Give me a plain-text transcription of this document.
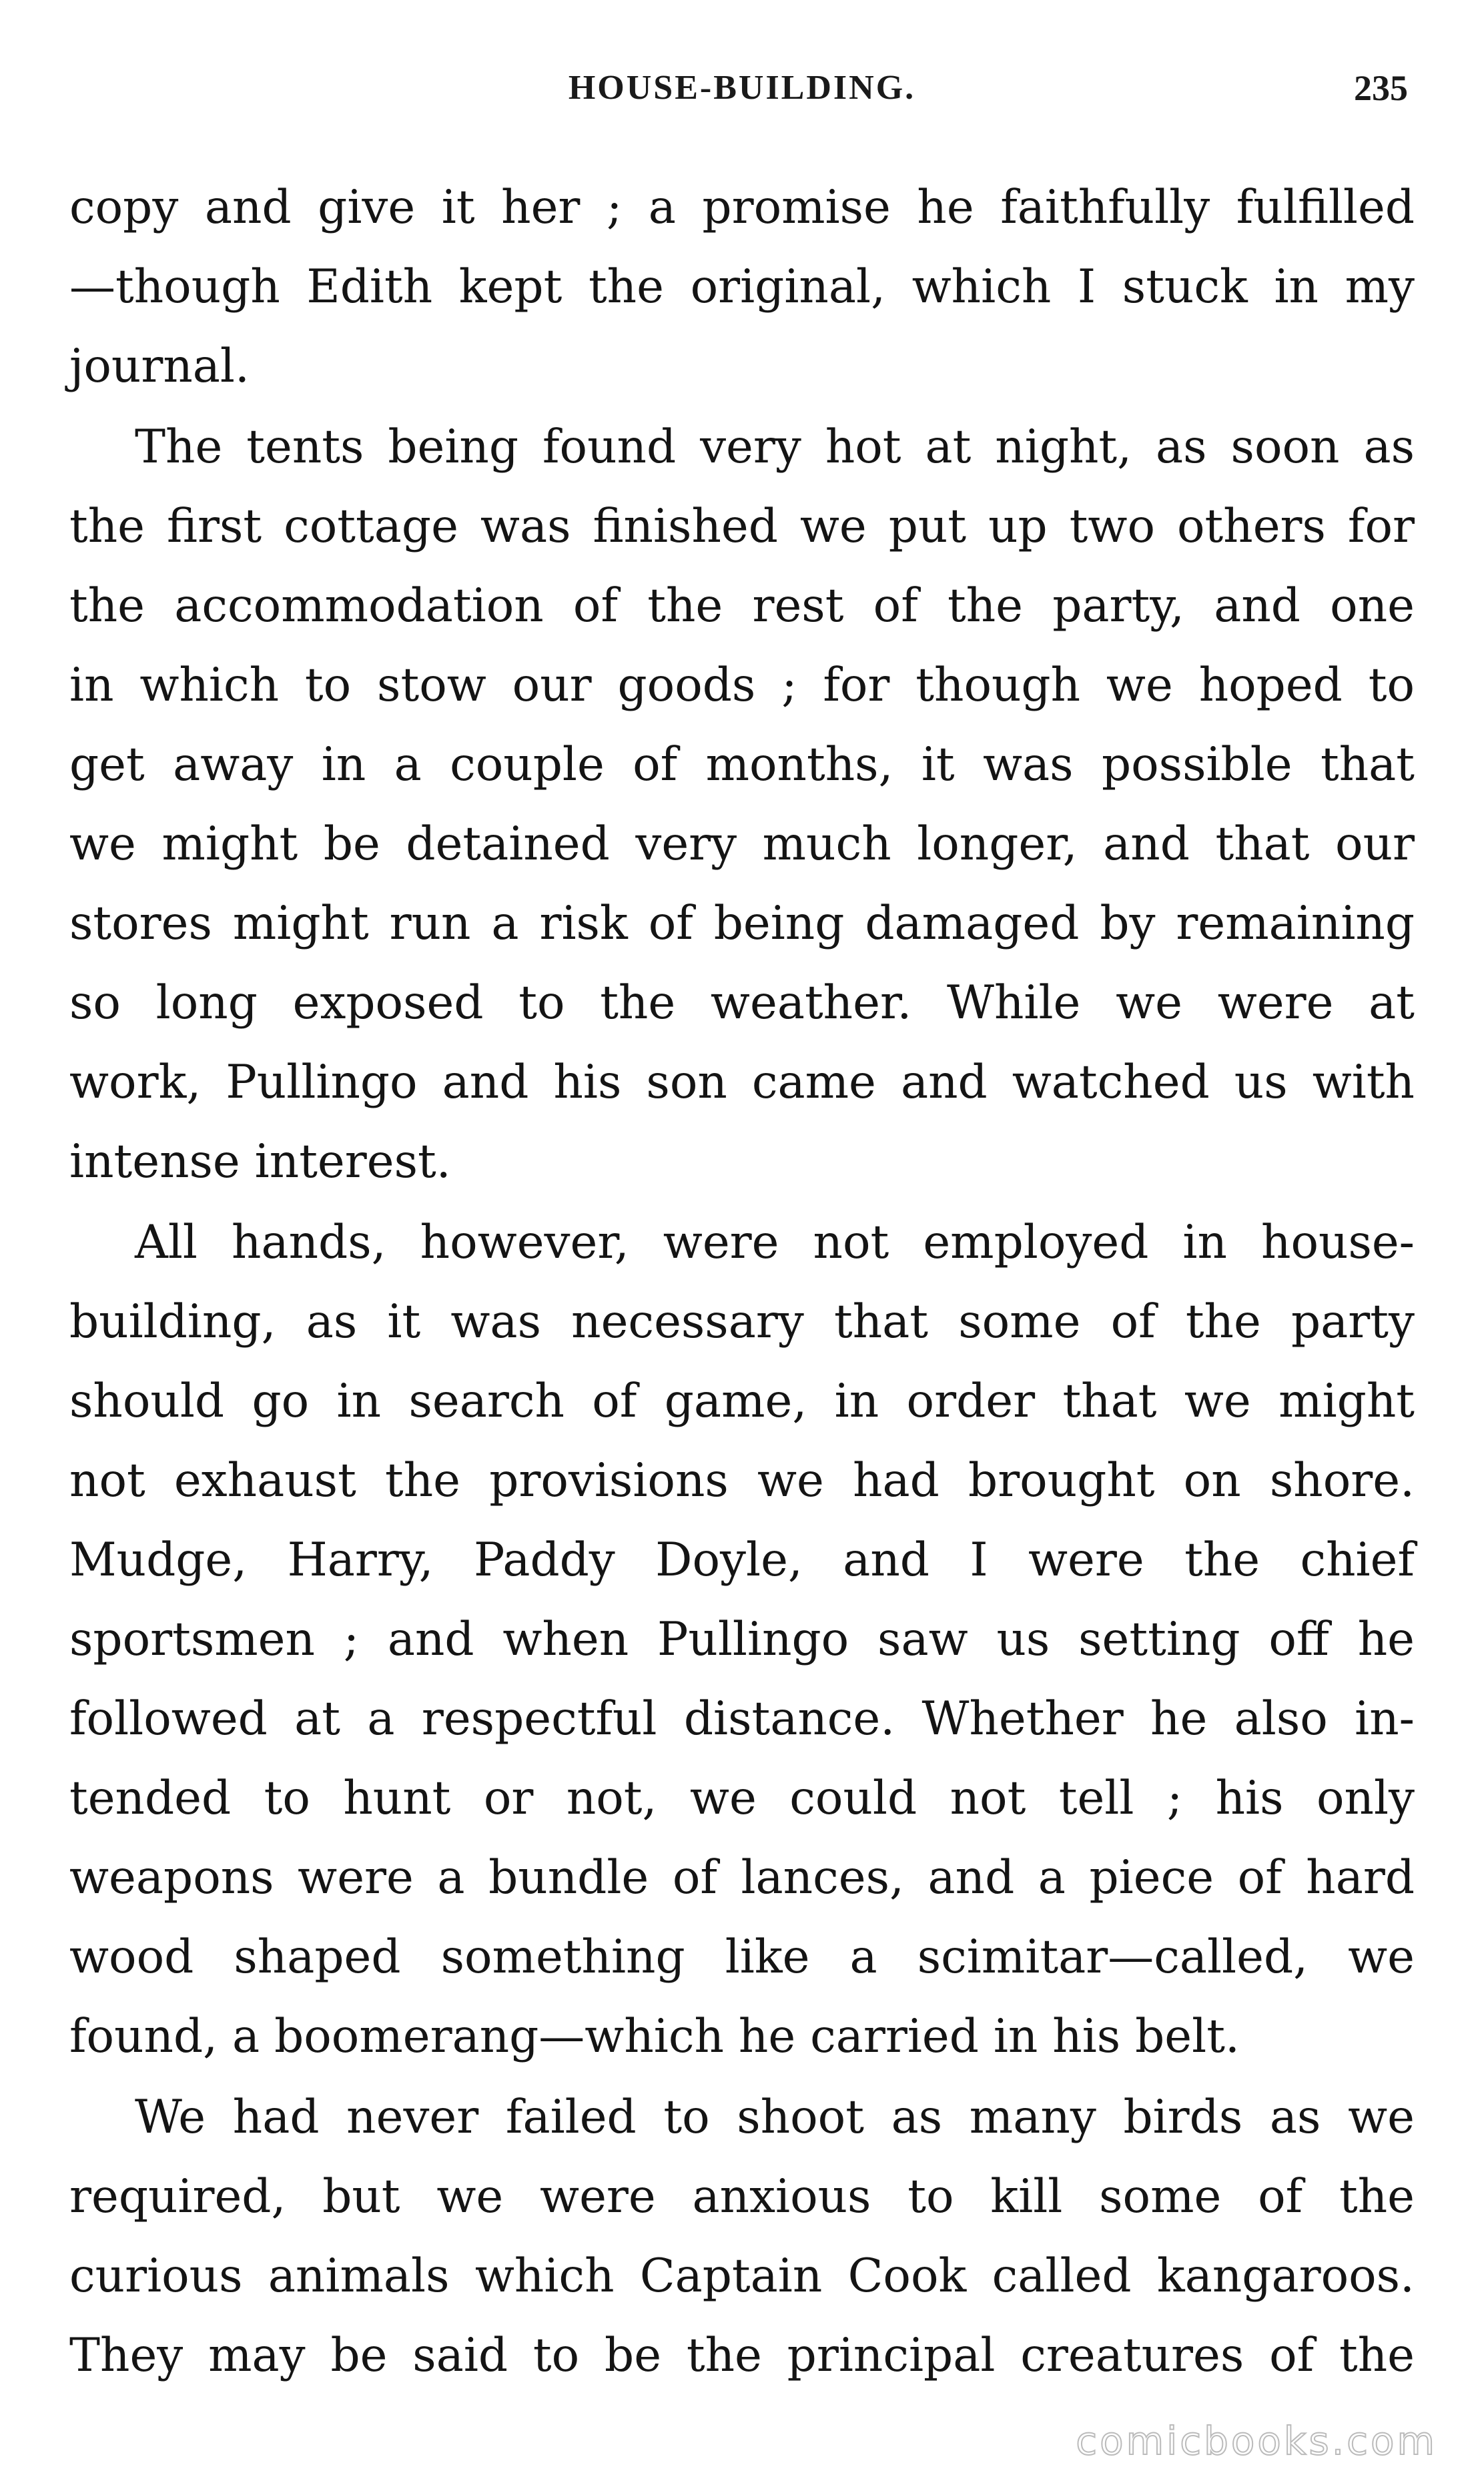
HOUSE-BUILDING.	235
copy and give it her ; a promise he faithfully fulfilled
—though Edith kept the original, which I stuck in my
journal.
The tents being found very hot at night, as soon as
the first cottage was finished we put up two others for
the accommodation of the rest of the party, and one
in which to stow our goods ; for though we hoped to
get away in a couple of months, it was possible that
we might be detained very much longer, and that our
stores might run a risk of being damaged by remaining
so long exposed to the weather. While we were at
work, Pullingo and his son came and watched us with
intense interest.
All hands, however, were not employed in house-
building, as it was necessary that some of the party
should go in search of game, in order that we might
not exhaust the provisions we had brought on shore.
Mudge, Harry, Paddy Doyle, and I were the chief
sportsmen ; and when Pullingo saw us setting off he
followed at a respectful distance. Whether he also in-
tended to hunt or not, we could not tell ; his only
weapons were a bundle of lances, and a piece of hard
wood shaped something like a scimitar—called, we
found, a boomerang—which he carried in his belt.
We had never failed to shoot as many birds as we
required, but we were anxious to kill some of the
curious animals which Captain Cook called kangaroos.
They may be said to be the principal creatures of the
comicbooks.com
